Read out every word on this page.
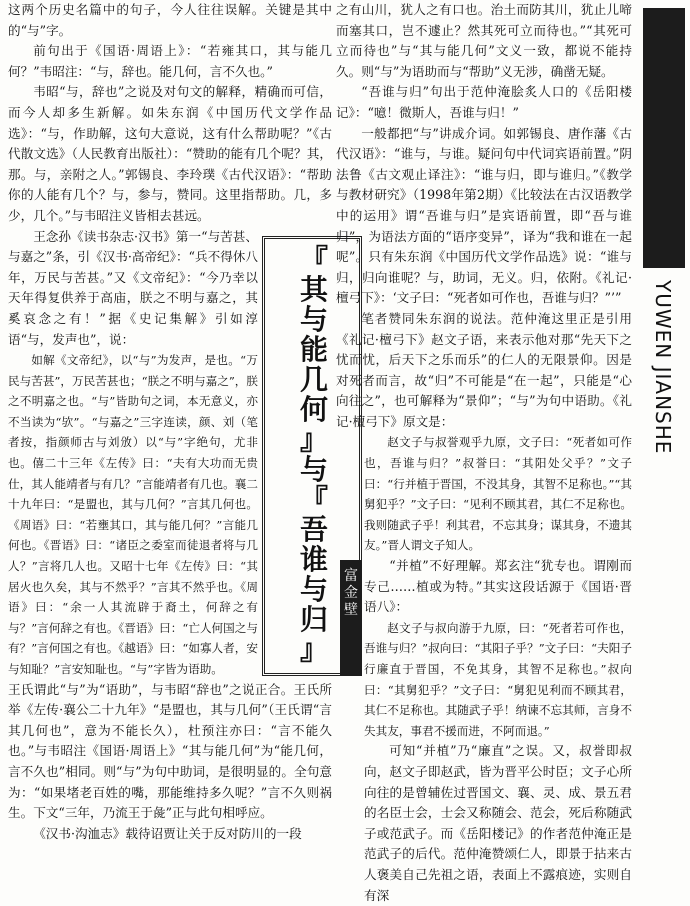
这两个历史名篇中的句子，今人往往误解。关键是其中的“与”字。

前句出于《国语·周语上》：“若雍其口，其与能几何？”韦昭注：“与，辞也。能几何，言不久也。”

韦昭“与，辞也”之说及对句文的解释，精确而可信，而今人却多生新解。如朱东润《中国历代文学作品选》：“与，作助解，这句大意说，这有什么帮助呢？”《古代散文选》（人民教育出版社）：“赞助的能有几个呢？其，那。与，亲附之人。”郭锡良、李玲璞《古代汉语》：“帮助你的人能有几个？与，参与，赞同。这里指帮助。几，多少，几个。”与韦昭注义皆相去甚远。

王念孙《读书杂志·汉书》第一“与苦甚、与嘉之”条，引《汉书·高帝纪》：“兵不得休八年，万民与苦甚。”又《文帝纪》：“今乃幸以天年得复供养于高庙，朕之不明与嘉之，其奚哀念之有！”据《史记集解》引如淳语“与，发声也”，说：

如解《文帝纪》，以“与”为发声，是也。“万民与苦甚”，万民苦甚也；“朕之不明与嘉之”，朕之不明嘉之也。“与”皆助句之词，本无意义，亦不当读为“欤”。“与嘉之”三字连读，颜、刘（笔者按，指颜师古与刘攽）以“与”字绝句，尤非也。僖二十三年《左传》曰：“夫有大功而无贵仕，其人能靖者与有几？”言能靖者有几也。襄二十九年曰：“是盟也，其与几何？”言其几何也。《周语》曰：“若壅其口，其与能几何？”言能几何也。《晋语》曰：“诸臣之委室而徒退者将与几人？”言将几人也。又昭十七年《左传》曰：“其居火也久矣，其与不然乎？”言其不然乎也。《周语》曰：“余一人其流辟于裔土，何辞之有与？”言何辞之有也。《晋语》曰：“亡人何国之与有？”言何国之有也。《越语》曰：“如寡人者，安与知耻？”言安知耻也。“与”字皆为语助。

王氏谓此“与”为“语助”，与韦昭“辞也”之说正合。王氏所举《左传·襄公二十九年》“是盟也，其与几何”（王氏谓“言其几何也”，意为不能长久），杜预注亦曰：“言不能久也。”与韦昭注《国语·周语上》“其与能几何”为“能几何，言不久也”相同。则“与”为句中助词，是很明显的。全句意为：“如果堵老百姓的嘴，那能维持多久呢？”言不久则祸生。下文“三年，乃流王于彘”正与此句相呼应。

《汉书·沟洫志》载待诏贾让关于反对防川的一段

『
其
与
能
几
何
』
与
『
吾
谁
与
归
』

之有山川，犹人之有口也。治土而防其川，犹止儿啼而塞其口，岂不遽止？然其死可立而待也。”“其死可立而待也”与“其与能几何”文义一致，都说不能持久。则“与”为语助而与“帮助”义无涉，确凿无疑。

“吾谁与归”句出于范仲淹脍炙人口的《岳阳楼记》：“噫！微斯人，吾谁与归！”

一般都把“与”讲成介词。如郭锡良、唐作藩《古代汉语》：“谁与，与谁。疑问句中代词宾语前置。”阴法鲁《古文观止译注》：“谁与归，即与谁归。”《教学与教材研究》（1998年第2期）《比较法在古汉语教学中的运用》谓“吾谁与归”是宾语前置，即“吾与谁归”，为语法方面的“语序变异”，译为“我和谁在一起呢”。只有朱东润《中国历代文学作品选》说：“谁与归，归向谁呢？与，助词，无义。归，依附。《礼记·檀弓下》：‘文子曰：“死者如可作也，吾谁与归？”’”

笔者赞同朱东润的说法。范仲淹这里正是引用《礼记·檀弓下》赵文子语，来表示他对那“先天下之忧而忧，后天下之乐而乐”的仁人的无限景仰。因是对死者而言，故“归”不可能是“在一起”，只能是“心向往之”，也可解释为“景仰”；“与”为句中语助。《礼记·檀弓下》原文是：

赵文子与叔誉观乎九原，文子曰：“死者如可作也，吾谁与归？”叔誉曰：“其阳处父乎？”文子曰：“行并植于晋国，不没其身，其智不足称也。”“其舅犯乎？”文子曰：“见利不顾其君，其仁不足称也。我则随武子乎！利其君，不忘其身；谋其身，不遗其友。”晋人谓文子知人。

“并植”不好理解。郑玄注“犹专也。谓刚而专己……植或为特。”其实这段话源于《国语·晋语八》：

赵文子与叔向游于九原，曰：“死者若可作也，吾谁与归？”叔向曰：“其阳子乎？”文子曰：“夫阳子行廉直于晋国，不免其身，其智不足称也。”叔向曰：“其舅犯乎？”文子曰：“舅犯见利而不顾其君，其仁不足称也。其随武子乎！纳谏不忘其师，言身不失其友，事君不援而进，不阿而退。”

可知“并植”乃“廉直”之误。又，叔誉即叔向，赵文子即赵武，皆为晋平公时臣；文子心所向往的是曾辅佐过晋国文、襄、灵、成、景五君的名臣士会，士会又称随会、范会，死后称随武子或范武子。而《岳阳楼记》的作者范仲淹正是范武子的后代。范仲淹赞颂仁人，即景于拈来古人褒美自己先祖之语，表面上不露痕迹，实则自有深

富金壁
YUWEN JIANSHE
